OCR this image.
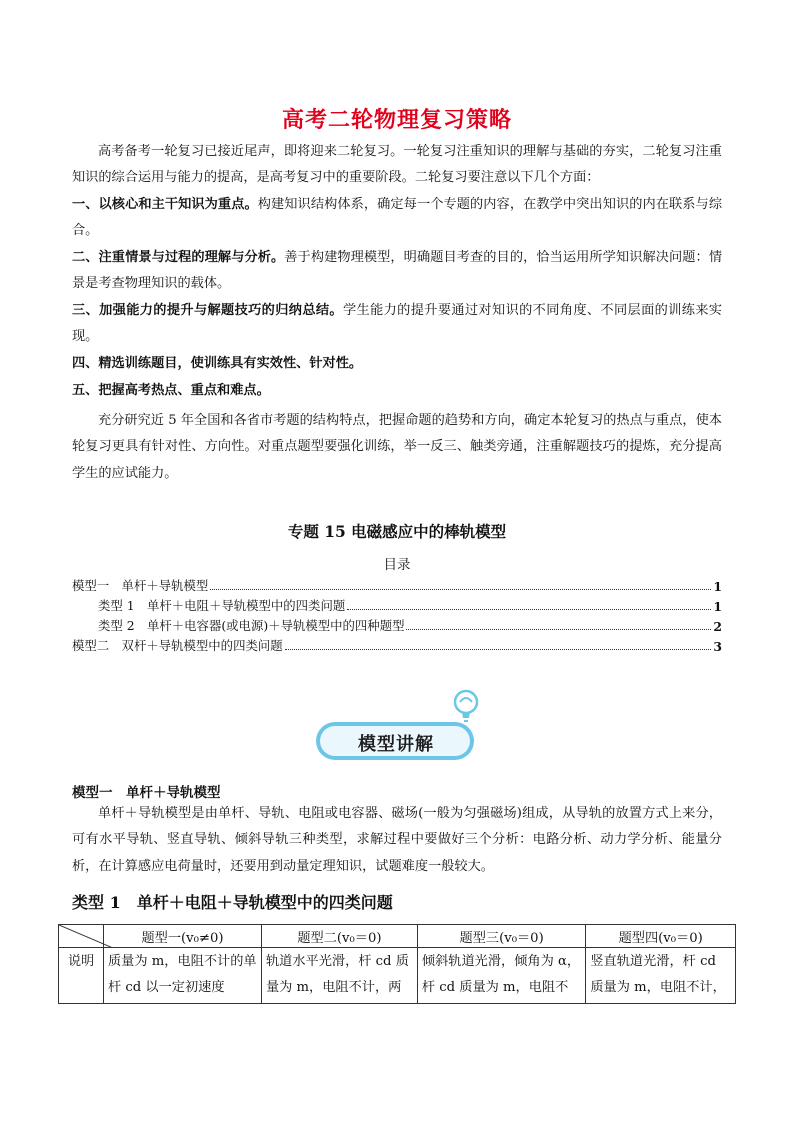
高考二轮物理复习策略
高考备考一轮复习已接近尾声，即将迎来二轮复习。一轮复习注重知识的理解与基础的夯实，二轮复习注重知识的综合运用与能力的提高，是高考复习中的重要阶段。二轮复习要注意以下几个方面：
一、以核心和主干知识为重点。构建知识结构体系，确定每一个专题的内容，在教学中突出知识的内在联系与综合。
二、注重情景与过程的理解与分析。善于构建物理模型，明确题目考查的目的，恰当运用所学知识解决问题：情景是考查物理知识的载体。
三、加强能力的提升与解题技巧的归纳总结。学生能力的提升要通过对知识的不同角度、不同层面的训练来实现。
四、精选训练题目，使训练具有实效性、针对性。
五、把握高考热点、重点和难点。
充分研究近 5 年全国和各省市考题的结构特点，把握命题的趋势和方向，确定本轮复习的热点与重点，使本轮复习更具有针对性、方向性。对重点题型要强化训练，举一反三、触类旁通，注重解题技巧的提炼，充分提高学生的应试能力。
专题 15 电磁感应中的棒轨模型
目录
模型一　单杆＋导轨模型	1
类型 1　单杆＋电阻＋导轨模型中的四类问题	1
类型 2　单杆＋电容器(或电源)＋导轨模型中的四种题型	2
模型二　双杆＋导轨模型中的四类问题	3
模型讲解
模型一　单杆＋导轨模型
单杆＋导轨模型是由单杆、导轨、电阻或电容器、磁场(一般为匀强磁场)组成，从导轨的放置方式上来分，可有水平导轨、竖直导轨、倾斜导轨三种类型，求解过程中要做好三个分析：电路分析、动力学分析、能量分析，在计算感应电荷量时，还要用到动量定理知识，试题难度一般较大。
类型 1　单杆＋电阻＋导轨模型中的四类问题
	题型一(v₀≠0)	题型二(v₀＝0)	题型三(v₀＝0)	题型四(v₀＝0)
说明	质量为 m，电阻不计的单杆 cd 以一定初速度	轨道水平光滑，杆 cd 质量为 m，电阻不计，两	倾斜轨道光滑，倾角为 α，杆 cd 质量为 m，电阻不	竖直轨道光滑，杆 cd 质量为 m，电阻不计，
